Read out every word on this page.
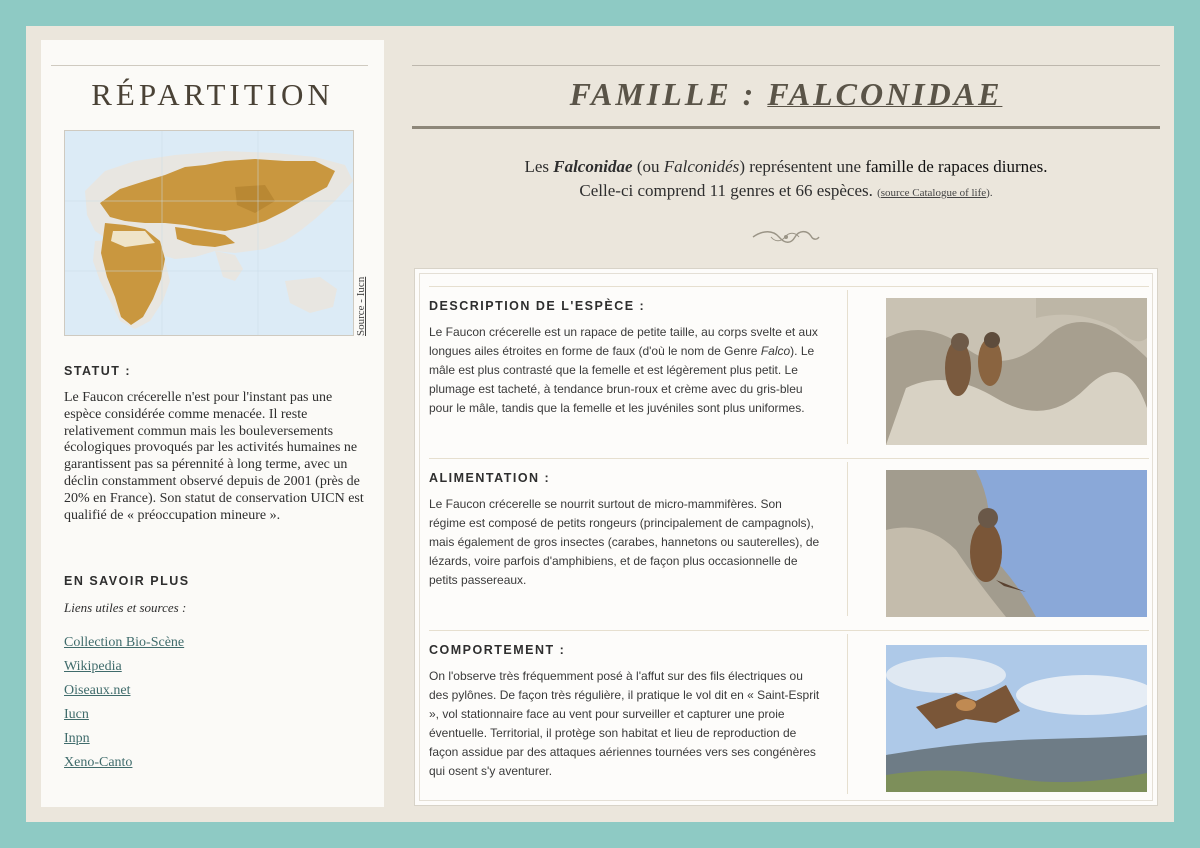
RÉPARTITION
Source - Iucn
STATUT :
Le Faucon crécerelle n'est pour l'instant pas une espèce considérée comme menacée. Il reste relativement commun mais les bouleversements écologiques provoqués par les activités humaines ne garantissent pas sa pérennité à long terme, avec un déclin constamment observé depuis de 2001 (près de 20% en France). Son statut de conservation UICN est qualifié de « préoccupation mineure ».
EN SAVOIR PLUS
Liens utiles et sources :
Collection Bio-Scène
Wikipedia
Oiseaux.net
Iucn
Inpn
Xeno-Canto
FAMILLE : FALCONIDAE
Les Falconidae (ou Falconidés) représentent une famille de rapaces diurnes.
Celle-ci comprend 11 genres et 66 espèces. (source Catalogue of life).
DESCRIPTION DE L'ESPÈCE :

Le Faucon crécerelle est un rapace de petite taille, au corps svelte et aux longues ailes étroites en forme de faux (d'où le nom de Genre Falco). Le mâle est plus contrasté que la femelle et est légèrement plus petit. Le plumage est tacheté, à tendance brun-roux et crème avec du gris-bleu pour le mâle, tandis que la femelle et les juvéniles sont plus uniformes.

ALIMENTATION :

Le Faucon crécerelle se nourrit surtout de micro-mammifères. Son régime est composé de petits rongeurs (principalement de campagnols), mais également de gros insectes (carabes, hannetons ou sauterelles), de lézards, voire parfois d'amphibiens, et de façon plus occasionnelle de petits passereaux.

COMPORTEMENT :

On l'observe très fréquemment posé à l'affut sur des fils électriques ou des pylônes. De façon très régulière, il pratique le vol dit en « Saint-Esprit », vol stationnaire face au vent pour surveiller et capturer une proie éventuelle. Territorial, il protège son habitat et lieu de reproduction de façon assidue par des attaques aériennes tournées vers ses congénères qui osent s'y aventurer.
